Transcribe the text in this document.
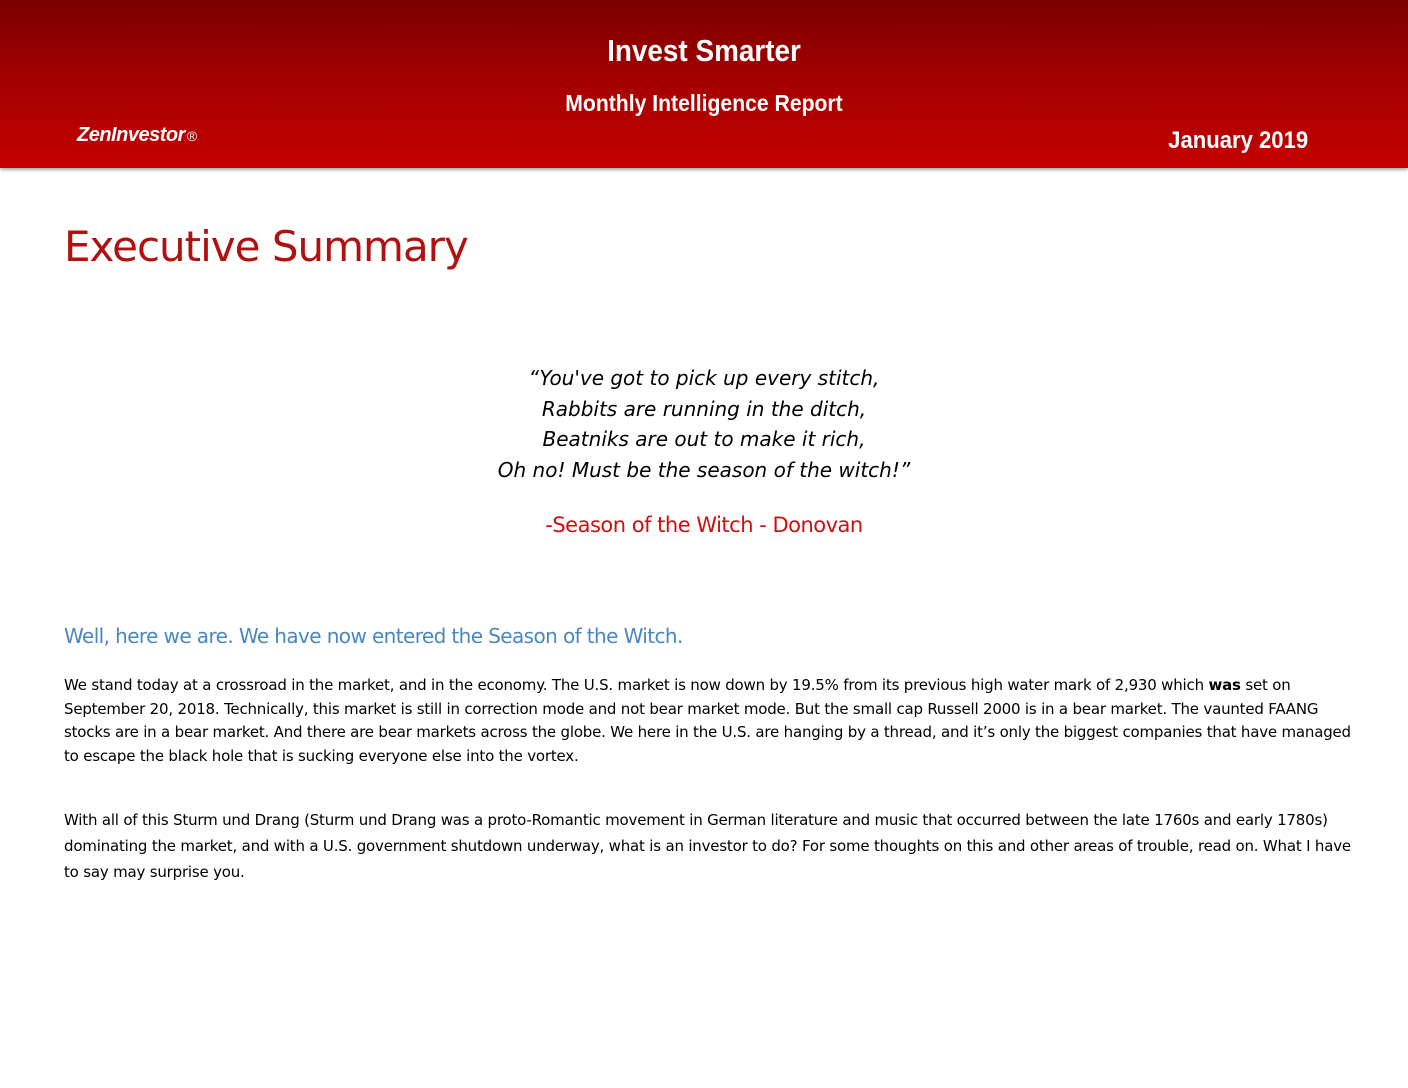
Invest Smarter
Monthly Intelligence Report
ZenInvestor ®	January 2019
Executive Summary
“You've got to pick up every stitch,
Rabbits are running in the ditch,
Beatniks are out to make it rich,
Oh no! Must be the season of the witch!”
-Season of the Witch - Donovan
Well, here we are. We have now entered the Season of the Witch.
We stand today at a crossroad in the market, and in the economy. The U.S. market is now down by 19.5% from its previous high water mark of 2,930 which was set on September 20, 2018. Technically, this market is still in correction mode and not bear market mode. But the small cap Russell 2000 is in a bear market. The vaunted FAANG stocks are in a bear market. And there are bear markets across the globe. We here in the U.S. are hanging by a thread, and it’s only the biggest companies that have managed to escape the black hole that is sucking everyone else into the vortex.
With all of this Sturm und Drang (Sturm und Drang was a proto-Romantic movement in German literature and music that occurred between the late 1760s and early 1780s) dominating the market, and with a U.S. government shutdown underway, what is an investor to do? For some thoughts on this and other areas of trouble, read on. What I have to say may surprise you.
